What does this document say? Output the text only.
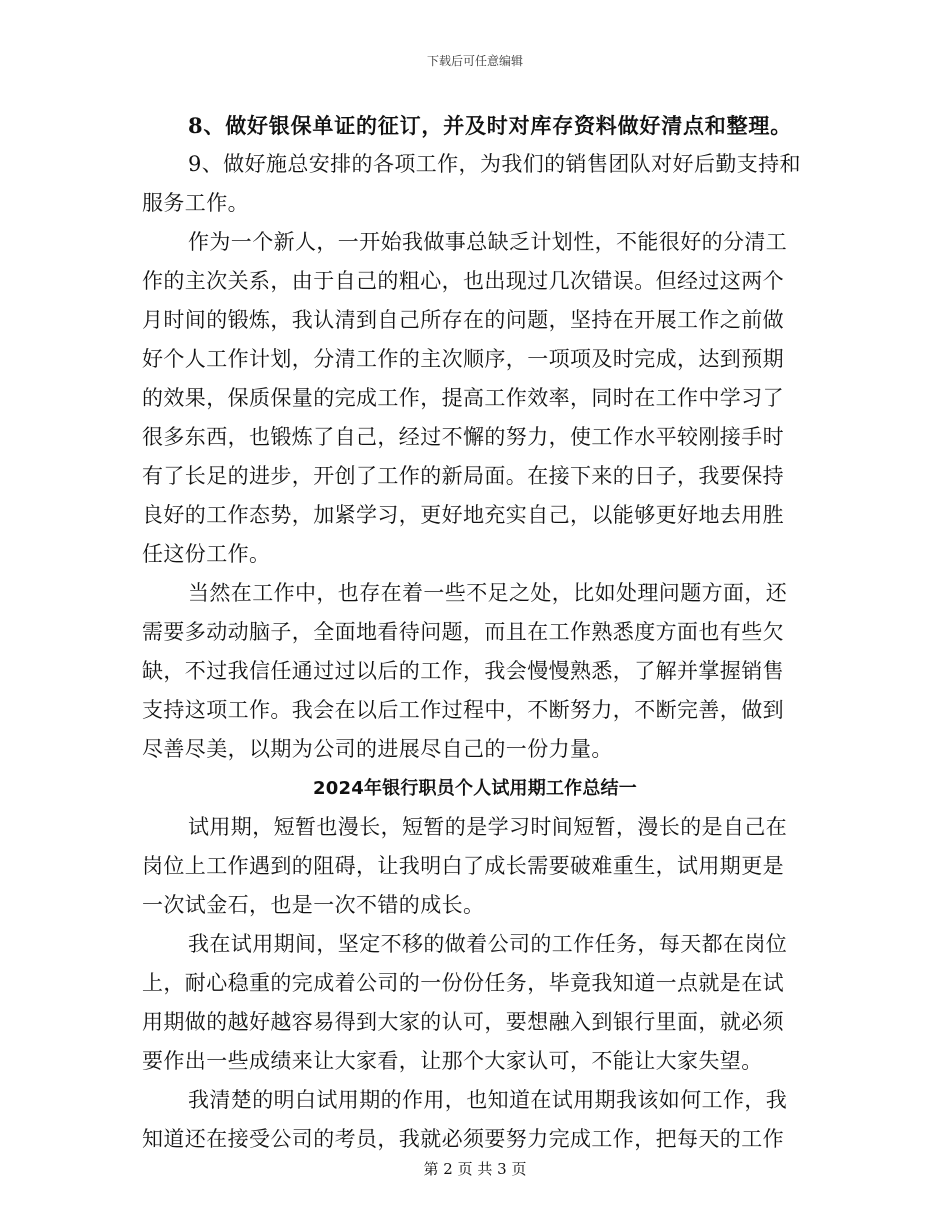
下载后可任意编辑
8、做好银保单证的征订，并及时对库存资料做好清点和整理。
9、做好施总安排的各项工作，为我们的销售团队对好后勤支持和
服务工作。
作为一个新人，一开始我做事总缺乏计划性，不能很好的分清工
作的主次关系，由于自己的粗心，也出现过几次错误。但经过这两个
月时间的锻炼，我认清到自己所存在的问题，坚持在开展工作之前做
好个人工作计划，分清工作的主次顺序，一项项及时完成，达到预期
的效果，保质保量的完成工作，提高工作效率，同时在工作中学习了
很多东西，也锻炼了自己，经过不懈的努力，使工作水平较刚接手时
有了长足的进步，开创了工作的新局面。在接下来的日子，我要保持
良好的工作态势，加紧学习，更好地充实自己，以能够更好地去用胜
任这份工作。
当然在工作中，也存在着一些不足之处，比如处理问题方面，还
需要多动动脑子，全面地看待问题，而且在工作熟悉度方面也有些欠
缺，不过我信任通过过以后的工作，我会慢慢熟悉，了解并掌握销售
支持这项工作。我会在以后工作过程中，不断努力，不断完善，做到
尽善尽美，以期为公司的进展尽自己的一份力量。
2024年银行职员个人试用期工作总结一
试用期，短暂也漫长，短暂的是学习时间短暂，漫长的是自己在
岗位上工作遇到的阻碍，让我明白了成长需要破难重生，试用期更是
一次试金石，也是一次不错的成长。
我在试用期间，坚定不移的做着公司的工作任务，每天都在岗位
上，耐心稳重的完成着公司的一份份任务，毕竟我知道一点就是在试
用期做的越好越容易得到大家的认可，要想融入到银行里面，就必须
要作出一些成绩来让大家看，让那个大家认可，不能让大家失望。
我清楚的明白试用期的作用，也知道在试用期我该如何工作，我
知道还在接受公司的考员，我就必须要努力完成工作，把每天的工作
第 2 页 共 3 页
